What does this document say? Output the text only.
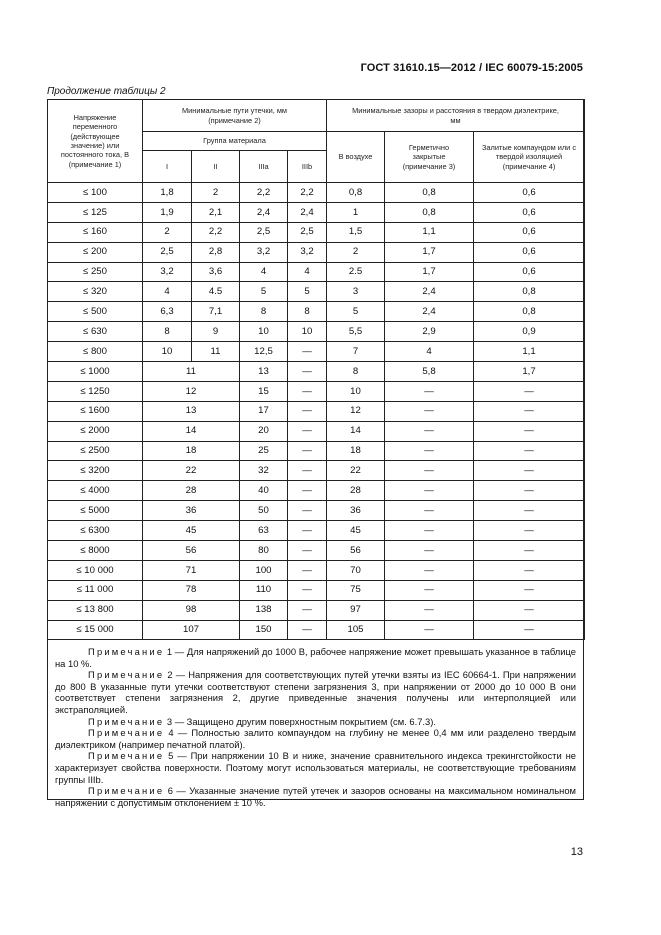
ГОСТ 31610.15—2012 / IEC 60079-15:2005
Продолжение таблицы 2
Напряжение переменного (действующее значение) или постоянного тока, В (примечание 1)	Минимальные пути утечки, мм (примечание 2)				Минимальные зазоры и расстояния в твердом диэлектрике, мм		
	Группа материала				В воздухе	Герметично закрытые (примечание 3)	Залитые компаундом или с твердой изоляцией (примечание 4)
	I	II	IIIa	IIIb			
≤ 100	1,8	2	2,2	2,2	0,8	0,8	0,6
≤ 125	1,9	2,1	2,4	2,4	1	0,8	0,6
≤ 160	2	2,2	2,5	2,5	1,5	1,1	0,6
≤ 200	2,5	2,8	3,2	3,2	2	1,7	0,6
≤ 250	3,2	3,6	4	4	2.5	1,7	0,6
≤ 320	4	4.5	5	5	3	2,4	0,8
≤ 500	6,3	7,1	8	8	5	2,4	0,8
≤ 630	8	9	10	10	5,5	2,9	0,9
≤ 800	10	11	12,5	—	7	4	1,1
≤ 1000	11		13	—	8	5,8	1,7
≤ 1250	12		15	—	10	—	—
≤ 1600	13		17	—	12	—	—
≤ 2000	14		20	—	14	—	—
≤ 2500	18		25	—	18	—	—
≤ 3200	22		32	—	22	—	—
≤ 4000	28		40	—	28	—	—
≤ 5000	36		50	—	36	—	—
≤ 6300	45		63	—	45	—	—
≤ 8000	56		80	—	56	—	—
≤ 10 000	71		100	—	70	—	—
≤ 11 000	78		110	—	75	—	—
≤ 13 800	98		138	—	97	—	—
≤ 15 000	107		150	—	105	—	—

Примечание 1 — Для напряжений до 1000 В, рабочее напряжение может превышать указанное в таблице на 10 %.

Примечание 2 — Напряжения для соответствующих путей утечки взяты из IEC 60664-1. При напряжении до 800 В указанные пути утечки соответствуют степени загрязнения 3, при напряжении от 2000 до 10 000 В они соответствует степени загрязнения 2, другие приведенные значения получены или интерполяцией или экстраполяцией.

Примечание 3 — Защищено другим поверхностным покрытием (см. 6.7.3).

Примечание 4 — Полностью залито компаундом на глубину не менее 0,4 мм или разделено твердым диэлектриком (например печатной платой).

Примечание 5 — При напряжении 10 В и ниже, значение сравнительного индекса трекингстойкости не характеризует свойства поверхности. Поэтому могут использоваться материалы, не соответствующие требованиям группы IIIb.

Примечание 6 — Указанные значение путей утечек и зазоров основаны на максимальном номинальном напряжении с допустимым отклонением ± 10 %.

13
